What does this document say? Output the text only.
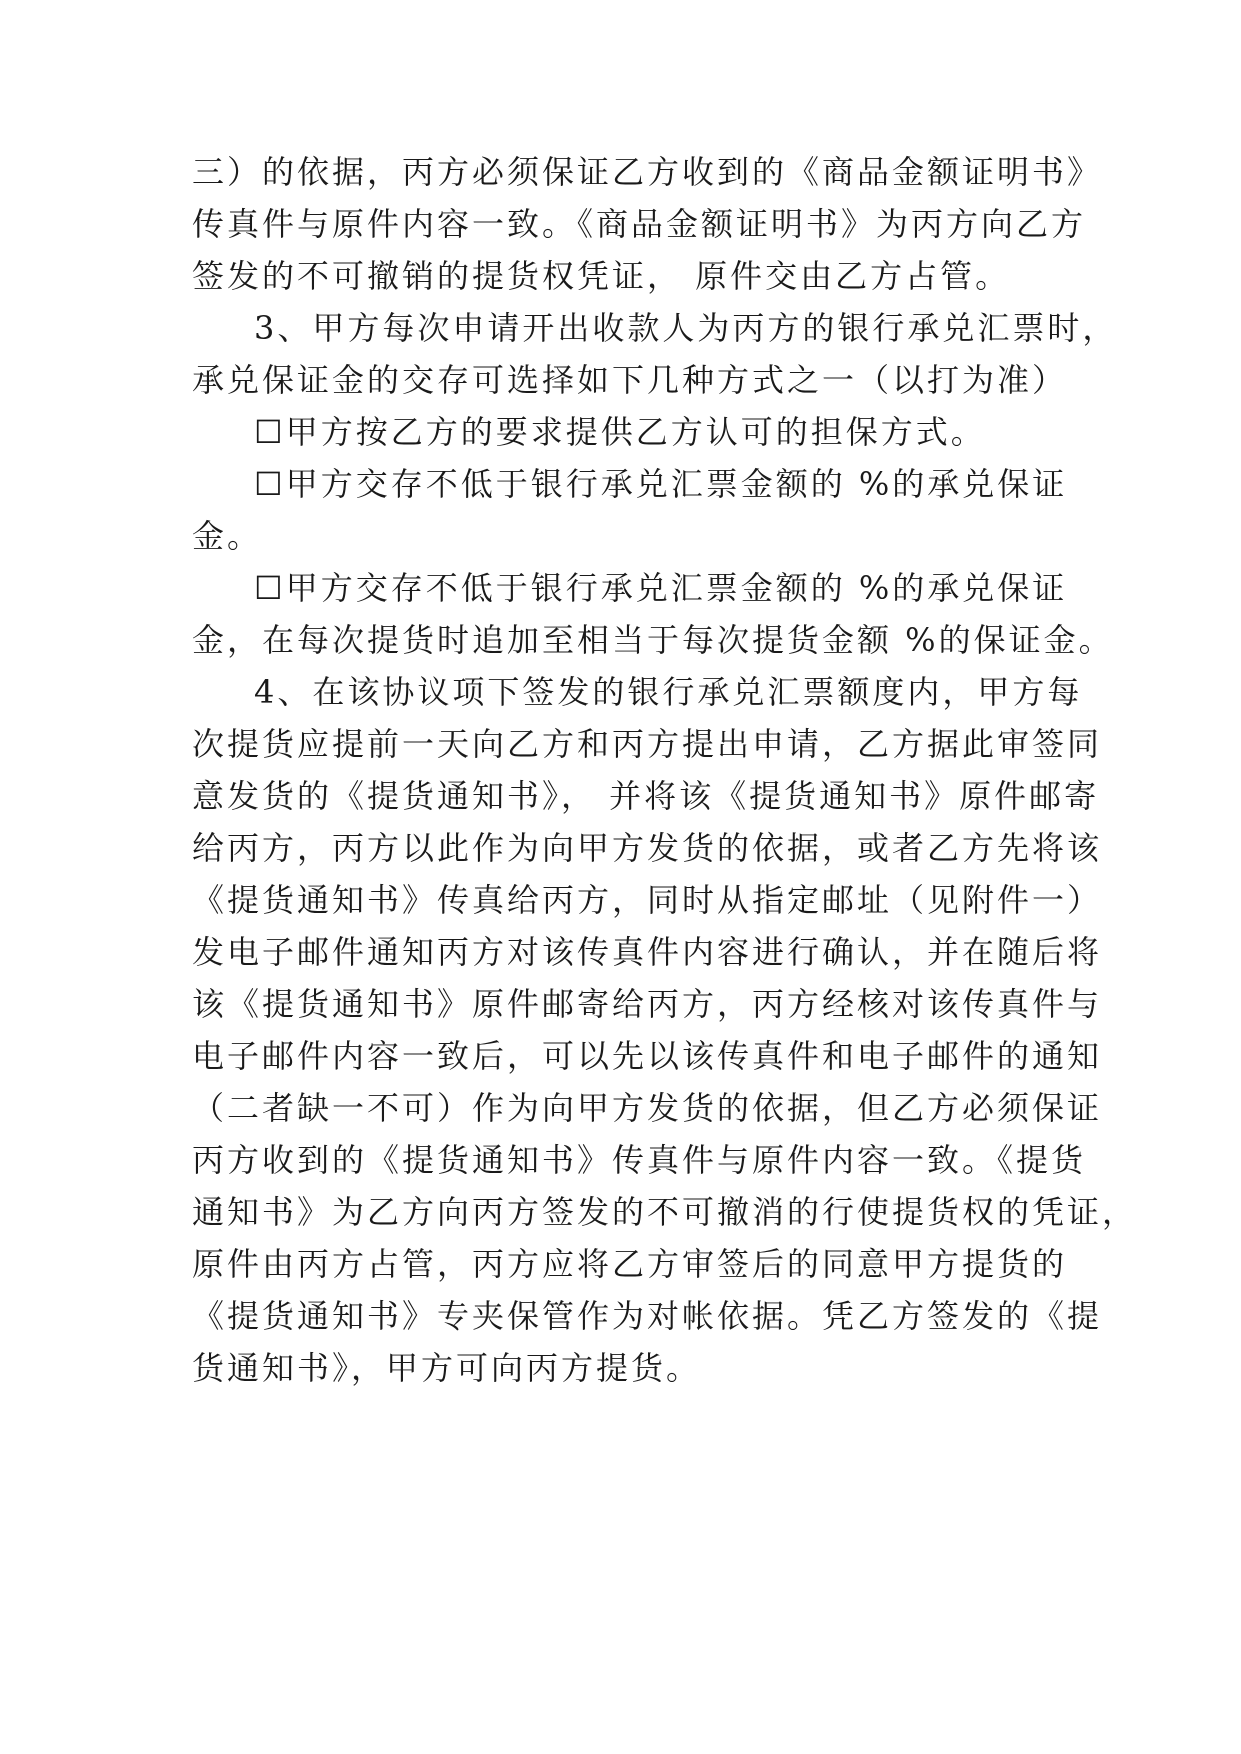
三）的依据，丙方必须保证乙方收到的《商品金额证明书》
传真件与原件内容一致。《商品金额证明书》为丙方向乙方
签发的不可撤销的提货权凭证， 原件交由乙方占管。
3、甲方每次申请开出收款人为丙方的银行承兑汇票时，
承兑保证金的交存可选择如下几种方式之一（以打为准）
☐甲方按乙方的要求提供乙方认可的担保方式。
☐甲方交存不低于银行承兑汇票金额的 %的承兑保证
金。
☐甲方交存不低于银行承兑汇票金额的 %的承兑保证
金，在每次提货时追加至相当于每次提货金额 %的保证金。
4、在该协议项下签发的银行承兑汇票额度内，甲方每
次提货应提前一天向乙方和丙方提出申请，乙方据此审签同
意发货的《提货通知书》， 并将该《提货通知书》原件邮寄
给丙方，丙方以此作为向甲方发货的依据，或者乙方先将该
《提货通知书》传真给丙方，同时从指定邮址（见附件一）
发电子邮件通知丙方对该传真件内容进行确认，并在随后将
该《提货通知书》原件邮寄给丙方，丙方经核对该传真件与
电子邮件内容一致后，可以先以该传真件和电子邮件的通知
（二者缺一不可）作为向甲方发货的依据，但乙方必须保证
丙方收到的《提货通知书》传真件与原件内容一致。《提货
通知书》为乙方向丙方签发的不可撤消的行使提货权的凭证，
原件由丙方占管，丙方应将乙方审签后的同意甲方提货的
《提货通知书》专夹保管作为对帐依据。凭乙方签发的《提
货通知书》，甲方可向丙方提货。
